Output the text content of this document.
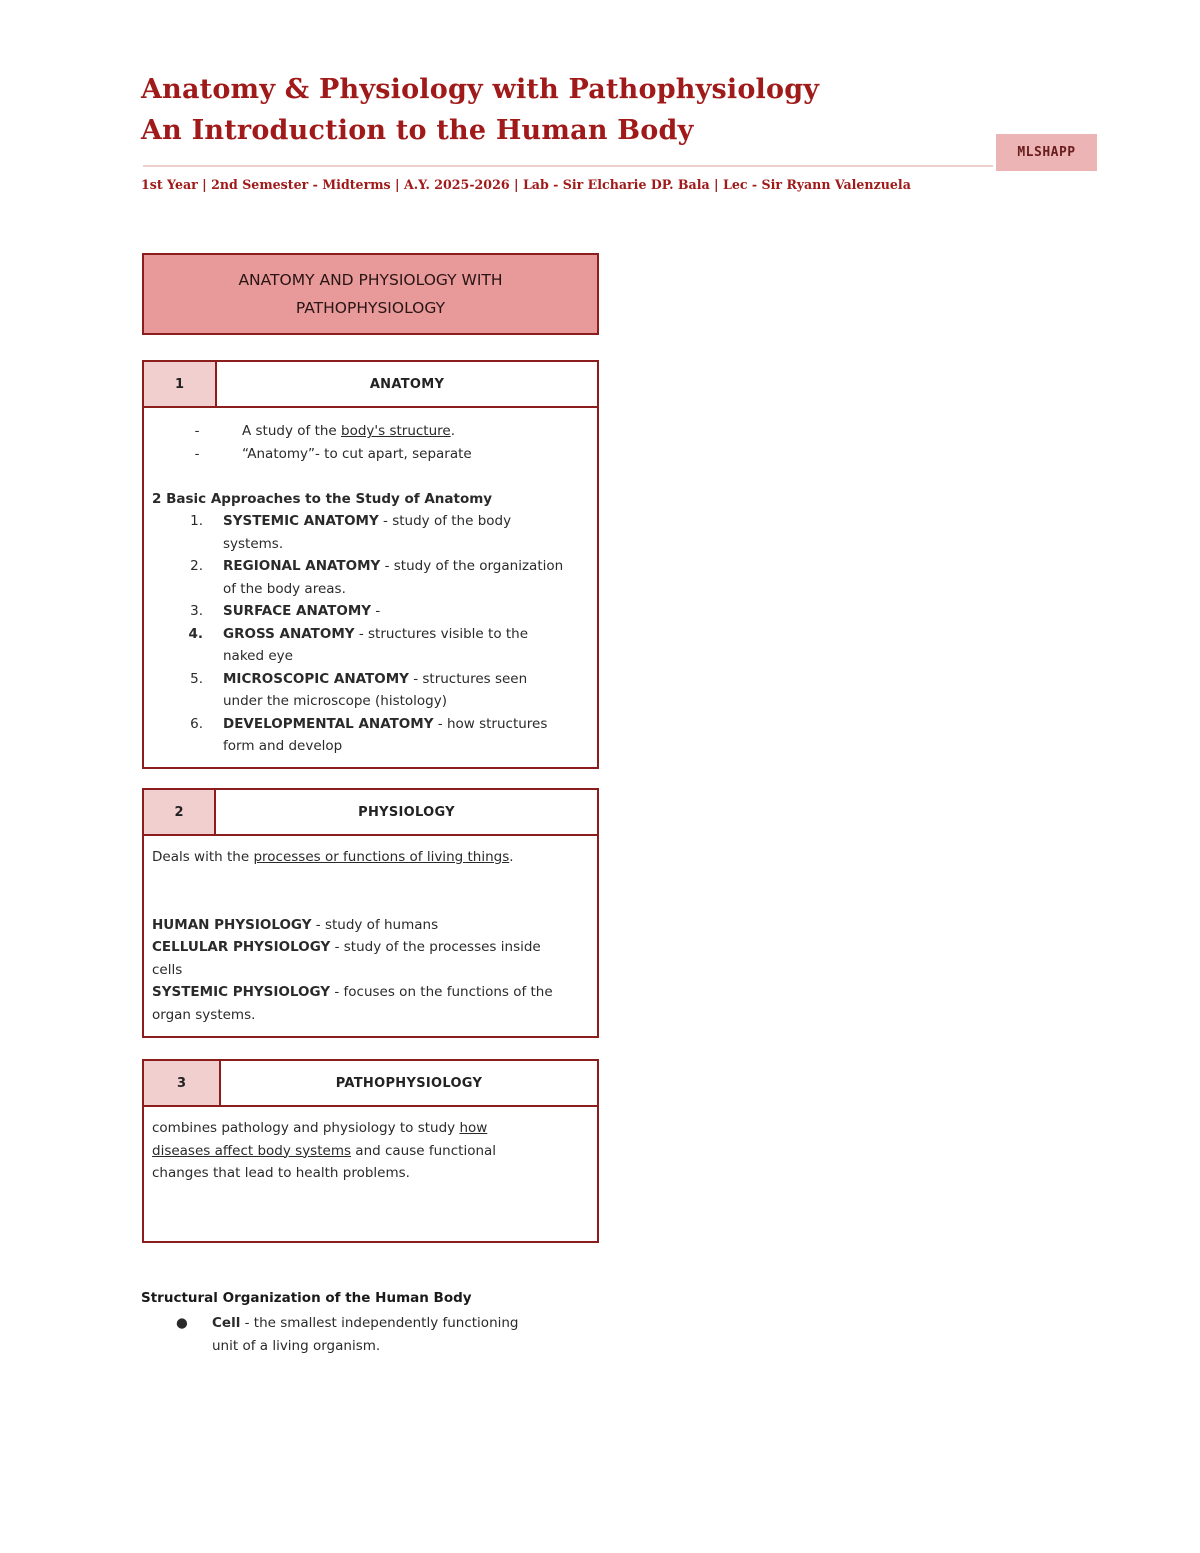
Anatomy & Physiology with Pathophysiology
An Introduction to the Human Body
MLSHAPP
1st Year | 2nd Semester - Midterms | A.Y. 2025-2026 | Lab - Sir Elcharie DP. Bala | Lec - Sir Ryann Valenzuela
ANATOMY AND PHYSIOLOGY WITH
PATHOPHYSIOLOGY
1	ANATOMY
-	A study of the body's structure.
-	“Anatomy”- to cut apart, separate
2 Basic Approaches to the Study of Anatomy
1.	SYSTEMIC ANATOMY - study of the body
systems.
2.	REGIONAL ANATOMY - study of the organization
of the body areas.
3.	SURFACE ANATOMY -
4.	GROSS ANATOMY - structures visible to the
naked eye
5.	MICROSCOPIC ANATOMY - structures seen
under the microscope (histology)
6.	DEVELOPMENTAL ANATOMY - how structures
form and develop
2	PHYSIOLOGY
Deals with the processes or functions of living things.
HUMAN PHYSIOLOGY - study of humans
CELLULAR PHYSIOLOGY - study of the processes inside
cells
SYSTEMIC PHYSIOLOGY - focuses on the functions of the
organ systems.
3	PATHOPHYSIOLOGY
combines pathology and physiology to study how
diseases affect body systems and cause functional
changes that lead to health problems.
Structural Organization of the Human Body
●	Cell - the smallest independently functioning
unit of a living organism.
